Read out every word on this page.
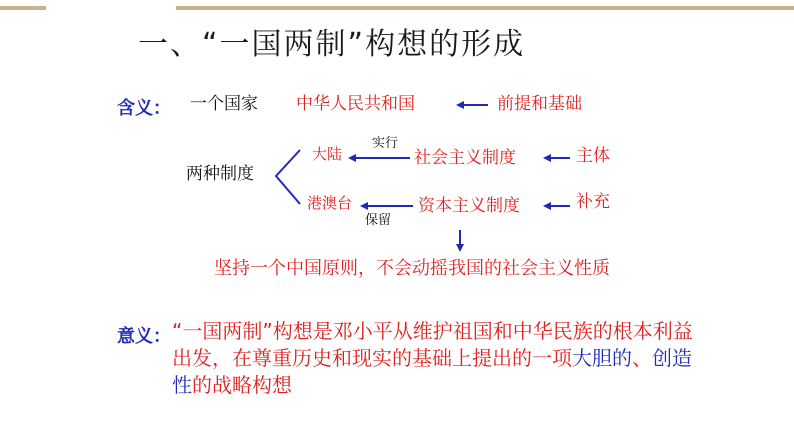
一、“一国两制”构想的形成
含义： 一个国家 中华人民共和国	前提和基础
两种制度
大陆
实行
社会主义制度	主体
港澳台
保留
资本主义制度	补充
坚持一个中国原则，不会动摇我国的社会主义性质
意义： “一国两制”构想是邓小平从维护祖国和中华民族的根本利益出发，在尊重历史和现实的基础上提出的一项大胆的、创造性的战略构想
